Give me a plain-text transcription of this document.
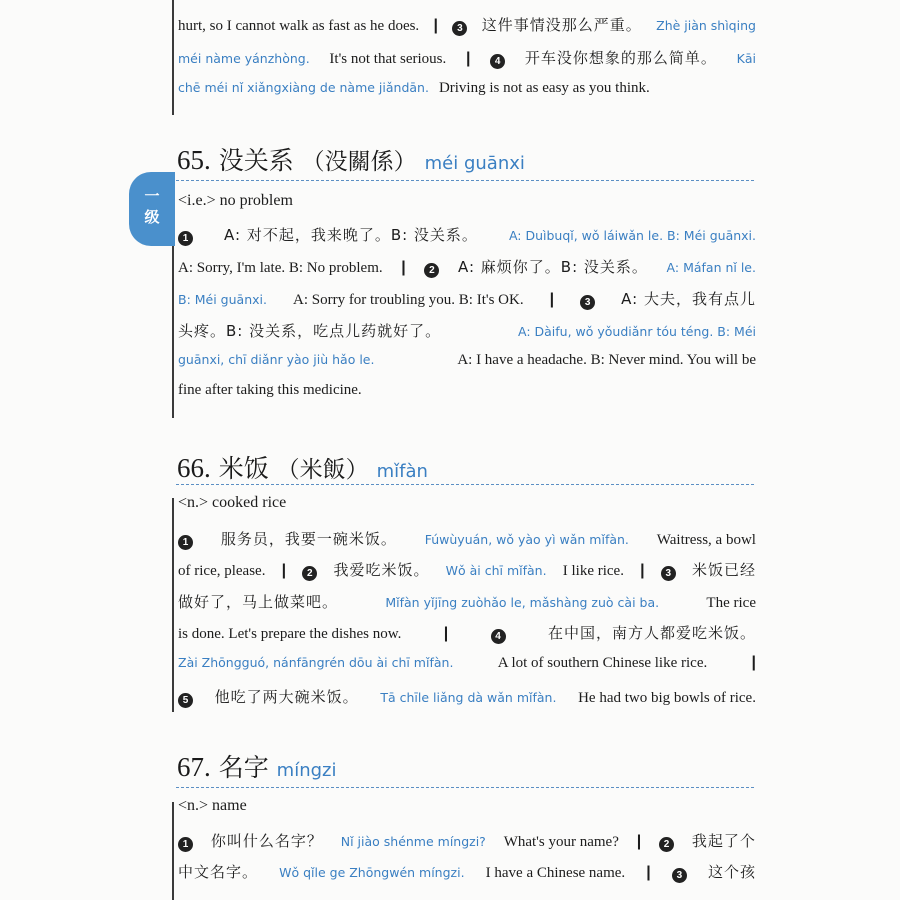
一级
hurt, so I cannot walk as fast as he does. |	3	这件事情没那么严重。 Zhè jiàn shìqing
méi nàme yánzhòng. It's not that serious. |	4	开车没你想象的那么简单。 Kāi
chē méi nǐ xiǎngxiàng de nàme jiǎndān. Driving is not as easy as you think.
65. 没关系 （没關係） méi guānxi
<i.e.> no problem
1	A: 对不起，我来晚了。B: 没关系。 A: Duìbuqǐ, wǒ láiwǎn le. B: Méi guānxi.
A: Sorry, I'm late. B: No problem. |	2	A: 麻烦你了。B: 没关系。 A: Máfan nǐ le.
B: Méi guānxi. A: Sorry for troubling you. B: It's OK. |	3	A: 大夫，我有点儿
头疼。B: 没关系，吃点儿药就好了。	A: Dàifu, wǒ yǒudiǎnr tóu téng. B: Méi
guānxi, chī diǎnr yào jiù hǎo le.	A: I have a headache. B: Never mind. You will be
fine after taking this medicine.
66. 米饭 （米飯） mǐfàn
<n.> cooked rice
1	服务员，我要一碗米饭。 Fúwùyuán, wǒ yào yì wǎn mǐfàn. Waitress, a bowl
of rice, please. |	2	我爱吃米饭。 Wǒ ài chī mǐfàn. I like rice. |	3	米饭已经
做好了，马上做菜吧。	Mǐfàn yǐjīng zuòhǎo le, mǎshàng zuò cài ba.	The rice
is done. Let's prepare the dishes now.	|	4	在中国，南方人都爱吃米饭。
Zài Zhōngguó, nánfāngrén dōu ài chī mǐfàn.	A lot of southern Chinese like rice.	|
5	他吃了两大碗米饭。 Tā chīle liǎng dà wǎn mǐfàn. He had two big bowls of rice.
67. 名字 míngzi
<n.> name
1	你叫什么名字？ Nǐ jiào shénme míngzi? What's your name? |	2	我起了个
中文名字。 Wǒ qǐle ge Zhōngwén míngzi. I have a Chinese name. |	3	这个孩
